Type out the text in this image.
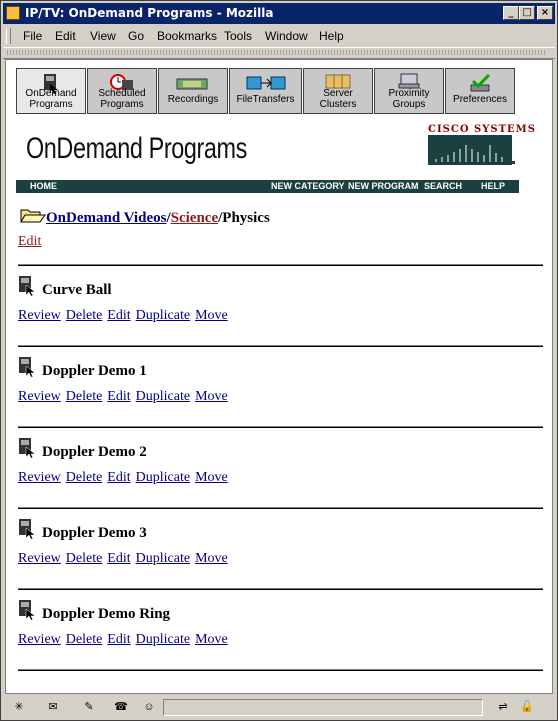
IP/TV: OnDemand Programs - Mozilla	_ □ ×
File Edit View Go Bookmarks Tools Window Help
OnDemand
Programs
Scheduled
Programs	Recordings	FileTransfers
Server
Clusters
Proximity
Groups	Preferences
OnDemand Programs
CISCO SYSTEMS
HOME	NEW CATEGORY NEW PROGRAM SEARCH HELP
OnDemand Videos/Science/Physics
Edit
Curve Ball
Review Delete Edit Duplicate Move
Doppler Demo 1
Review Delete Edit Duplicate Move
Doppler Demo 2
Review Delete Edit Duplicate Move
Doppler Demo 3
Review Delete Edit Duplicate Move
Doppler Demo Ring
Review Delete Edit Duplicate Move
✳	✉	✎	☎ ☺	⇌	🔓
